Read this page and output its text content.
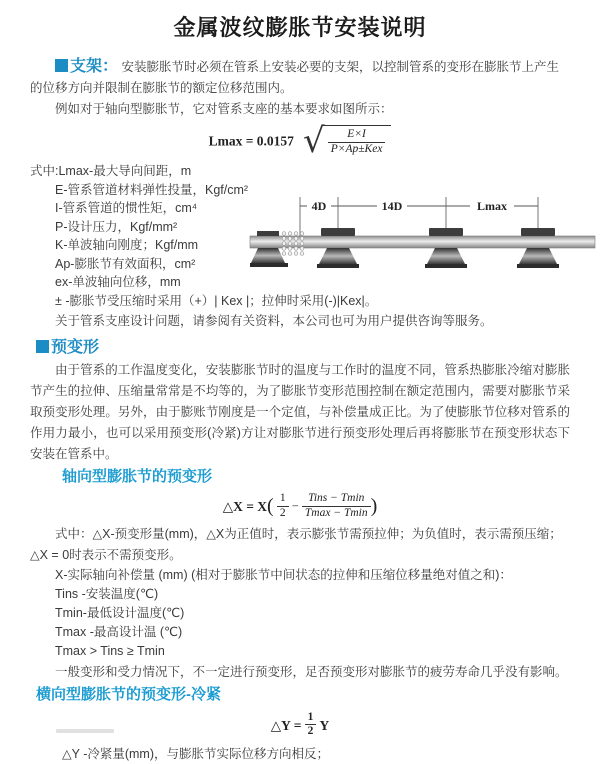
金属波纹膨胀节安装说明

支架： 安装膨胀节时必须在管系上安装必要的支架，以控制管系的变形在膨胀节上产生的位移方向并限制在膨胀节的额定位移范围内。

例如对于轴向型膨胀节，它对管系支座的基本要求如图所示：

Lmax = 0.0157 √ $\frac{E\times I}{\text{P×Ap±Kex}}$
式中:Lmax-最大导向间距，m
E-管系管道材料弹性投量，Kgf/cm²
I-管系管道的惯性矩，cm⁴
P-设计压力，Kgf/mm²
K-单波轴向刚度；Kgf/mm
Ap-膨胀节有效面积，cm²
ex-单波轴向位移，mm
± -膨胀节受压缩时采用（+）| Kex |；拉伸时采用(-)|Kex|。
关于管系支座设计问题，请参阅有关资料，本公司也可为用户提供咨询等服务。
预变形

由于管系的工作温度变化，安装膨胀节时的温度与工作时的温度不同，管系热膨胀冷缩对膨胀节产生的拉伸、压缩量常常是不均等的，为了膨胀节变形范围控制在额定范围内，需要对膨胀节采取预变形处理。另外，由于膨账节刚度是一个定值，与补偿量成正比。为了使膨胀节位移对管系的作用力最小，也可以采用预变形(冷紧)方让对膨胀节进行预变形处理后再将膨胀节在预变形状态下安装在管系中。

轴向型膨胀节的预变形
△X = $X( \frac{1}{2} - \frac{\text{Tins − Tmin}}{Tmax - Tmin}$ )

式中：△X-预变形量(mm)，△X为正值时，表示膨张节需预拉伸；为负值时，表示需预压缩；△X = 0时表示不需预变形。

X-实际轴向补偿量 (mm) (相对于膨胀节中间状态的拉伸和压缩位移量绝对值之和)：
Tins -安装温度(℃)
Tmin-最低设计温度(℃)
Tmax -最高设计温 (℃)
Tmax > Tins ≥ Tmin

一般变形和受力情况下，不一定进行预变形，足否预变形对膨胀节的疲劳寿命几乎没有影响。

横向型膨胀节的预变形-冷紧
△Y = $\frac{1}{2}$ Y
△Y -冷紧量(mm)，与膨胀节实际位移方向相反；
4D	14D	Lmax
